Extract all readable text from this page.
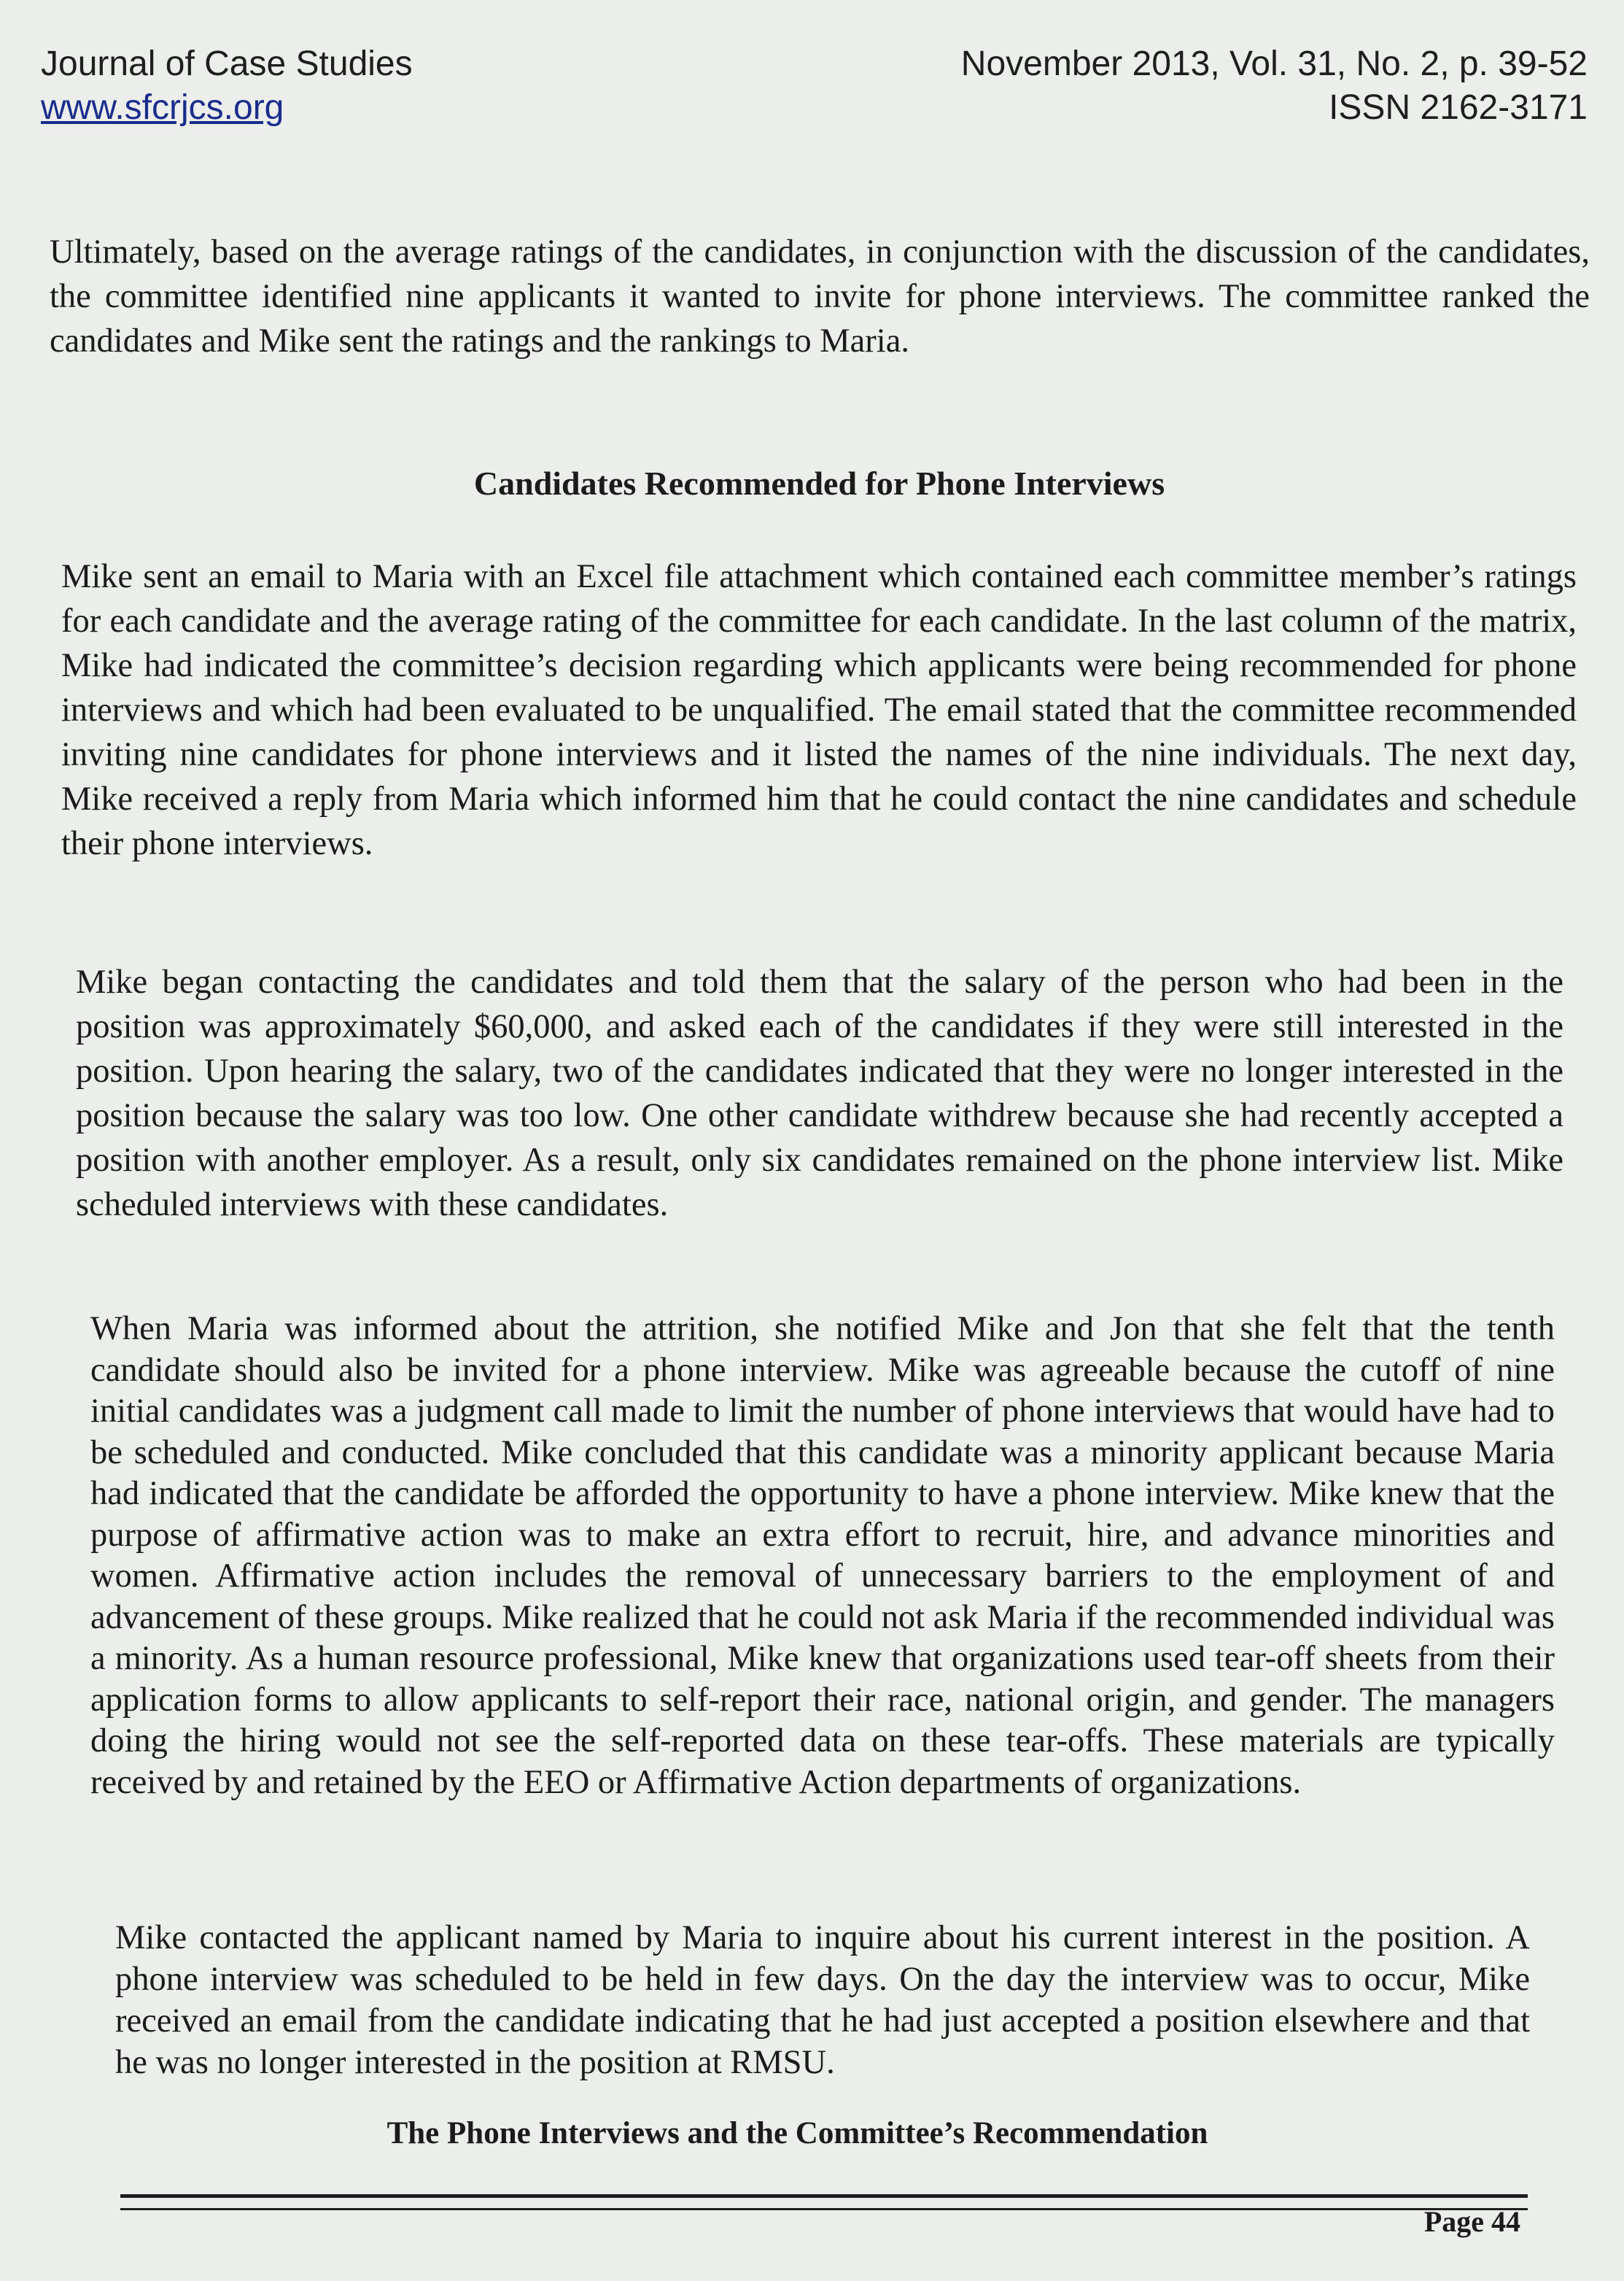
Journal of Case Studies
www.sfcrjcs.org
November 2013, Vol. 31, No. 2, p. 39-52
ISSN 2162-3171

Ultimately, based on the average ratings of the candidates, in conjunction with the discussion of the candidates, the committee identified nine applicants it wanted to invite for phone interviews. The committee ranked the candidates and Mike sent the ratings and the rankings to Maria.

Candidates Recommended for Phone Interviews

Mike sent an email to Maria with an Excel file attachment which contained each committee member’s ratings for each candidate and the average rating of the committee for each candidate. In the last column of the matrix, Mike had indicated the committee’s decision regarding which applicants were being recommended for phone interviews and which had been evaluated to be unqualified. The email stated that the committee recommended inviting nine candidates for phone interviews and it listed the names of the nine individuals. The next day, Mike received a reply from Maria which informed him that he could contact the nine candidates and schedule their phone interviews.

Mike began contacting the candidates and told them that the salary of the person who had been in the position was approximately $60,000, and asked each of the candidates if they were still interested in the position. Upon hearing the salary, two of the candidates indicated that they were no longer interested in the position because the salary was too low. One other candidate withdrew because she had recently accepted a position with another employer. As a result, only six candidates remained on the phone interview list. Mike scheduled interviews with these candidates.

When Maria was informed about the attrition, she notified Mike and Jon that she felt that the tenth candidate should also be invited for a phone interview. Mike was agreeable because the cutoff of nine initial candidates was a judgment call made to limit the number of phone interviews that would have had to be scheduled and conducted. Mike concluded that this candidate was a minority applicant because Maria had indicated that the candidate be afforded the opportunity to have a phone interview. Mike knew that the purpose of affirmative action was to make an extra effort to recruit, hire, and advance minorities and women. Affirmative action includes the removal of unnecessary barriers to the employment of and advancement of these groups. Mike realized that he could not ask Maria if the recommended individual was a minority. As a human resource professional, Mike knew that organizations used tear-off sheets from their application forms to allow applicants to self-report their race, national origin, and gender. The managers doing the hiring would not see the self-reported data on these tear-offs. These materials are typically received by and retained by the EEO or Affirmative Action departments of organizations.

Mike contacted the applicant named by Maria to inquire about his current interest in the position. A phone interview was scheduled to be held in few days. On the day the interview was to occur, Mike received an email from the candidate indicating that he had just accepted a position elsewhere and that he was no longer interested in the position at RMSU.

The Phone Interviews and the Committee’s Recommendation
Page 44
